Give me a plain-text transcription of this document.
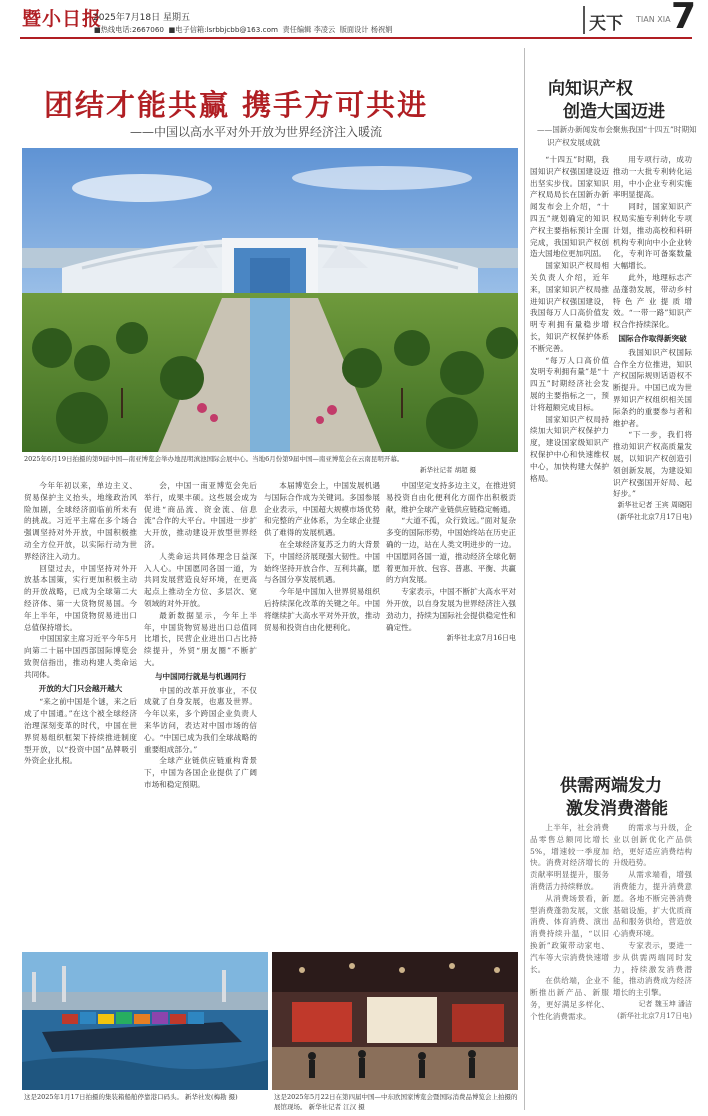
暨小日报
2025年7月18日 星期五
■热线电话:2667060 ■电子信箱:lsrbbjcbb@163.com 责任编辑 李凌云 版面设计 杨祝娟	天下 TIAN XIA 7
团结才能共赢 携手方可共进
——中国以高水平对外开放为世界经济注入暖流
2025年6月19日拍摄的第9届中国—南亚博览会举办地昆明滇池国际会展中心。当地6月份第9届中国—南亚博览会在云南昆明开幕。
新华社记者 胡超 摄

今年年初以来，单边主义、贸易保护主义抬头，地缘政治风险加剧，全球经济面临前所未有的挑战。习近平主席在多个场合强调坚持对外开放，中国积极推动全方位开放，以实际行动为世界经济注入动力。

回望过去，中国坚持对外开放基本国策，实行更加积极主动的开放战略，已成为全球第二大经济体、第一大货物贸易国。今年上半年，中国货物贸易进出口总值保持增长。

中国国家主席习近平今年5月向第二十届中国西部国际博览会致贺信指出，推动构建人类命运共同体。

开放的大门只会越开越大

“来之前中国是个谜，来之后成了中国通。”在这个被全球经济治理深刻变革的时代，中国在世界贸易组织框架下持续推进制度型开放，以“投资中国”品牌吸引外资企业扎根。

会，中国一南亚博览会先后举行，成果丰硕。这些展会成为促进“商品流、资金流、信息流”合作的大平台。中国进一步扩大开放，推动建设开放型世界经济。

人类命运共同体理念日益深入人心。中国愿同各国一道，为共同发展营造良好环境，在更高起点上推动全方位、多层次、宽领域的对外开放。

最新数据显示，今年上半年，中国货物贸易进出口总值同比增长，民营企业进出口占比持续提升，外贸“朋友圈”不断扩大。

与中国同行就是与机遇同行

中国的改革开放事业，不仅成就了自身发展，也惠及世界。今年以来，多个跨国企业负责人来华访问，表达对中国市场的信心。“中国已成为我们全球战略的重要组成部分。”

全球产业链供应链重构背景下，中国为各国企业提供了广阔市场和稳定预期。

本届博览会上，中国发展机遇与国际合作成为关键词。多国参展企业表示，中国超大规模市场优势和完整的产业体系，为全球企业提供了难得的发展机遇。

在全球经济复苏乏力的大背景下，中国经济展现强大韧性。中国始终坚持开放合作、互利共赢，愿与各国分享发展机遇。

今年是中国加入世界贸易组织后持续深化改革的关键之年。中国将继续扩大高水平对外开放，推动贸易和投资自由化便利化。

中国坚定支持多边主义，在推进贸易投资自由化便利化方面作出积极贡献，维护全球产业链供应链稳定畅通。

“大道不孤，众行致远。”面对复杂多变的国际形势，中国始终站在历史正确的一边，站在人类文明进步的一边。中国愿同各国一道，推动经济全球化朝着更加开放、包容、普惠、平衡、共赢的方向发展。

专家表示，中国不断扩大高水平对外开放，以自身发展为世界经济注入强劲动力，持续为国际社会提供稳定性和确定性。

新华社北京7月16日电

这是2025年1月17日拍摄的集装箱船舶停靠港口码头。 新华社发(梅勘 摄)	这是2025年5月22日在第四届中国—中东欧国家博览会暨国际消费品博览会上拍摄的展馆现场。 新华社记者 江汉 摄
向知识产权
创造大国迈进
——国新办新闻发布会聚焦我国“十四五”时期知
识产权发展成就

“十四五”时期，我国知识产权强国建设迈出坚实步伐。国家知识产权局局长在国新办新闻发布会上介绍，“十四五”规划确定的知识产权主要指标预计全面完成，我国知识产权创造大国地位更加巩固。

国家知识产权局相关负责人介绍，近年来，国家知识产权局推进知识产权强国建设，我国每万人口高价值发明专利拥有量稳步增长，知识产权保护体系不断完善。

“每万人口高价值发明专利拥有量”是“十四五”时期经济社会发展的主要指标之一，预计将超额完成目标。

国家知识产权局持续加大知识产权保护力度，建设国家级知识产权保护中心和快速维权中心，加快构建大保护格局。

用专项行动，成功推动一大批专利转化运用，中小企业专利实施率明显提高。

同时，国家知识产权局实施专利转化专项计划，推动高校和科研机构专利向中小企业转化，专利许可备案数量大幅增长。

此外，地理标志产品蓬勃发展，带动乡村特色产业提质增效。“一带一路”知识产权合作持续深化。

国际合作取得新突破

我国知识产权国际合作全方位推进，知识产权国际规则话语权不断提升。中国已成为世界知识产权组织相关国际条约的重要参与者和维护者。

“下一步，我们将推动知识产权高质量发展，以知识产权创造引领创新发展，为建设知识产权强国开好局、起好步。”

新华社记者 王宾 周晓阳

(新华社北京7月17日电)

供需两端发力
激发消费潜能

上半年，社会消费品零售总额同比增长5%，增速较一季度加快。消费对经济增长的贡献率明显提升，服务消费活力持续释放。

从消费场景看，新型消费蓬勃发展，文旅消费、体育消费、演出消费持续升温，“以旧换新”政策带动家电、汽车等大宗消费快速增长。

在供给端，企业不断推出新产品、新服务，更好满足多样化、个性化消费需求。

的需求与升级，企业以创新优化产品供给，更好适应消费结构升级趋势。

从需求端看，增强消费能力，提升消费意愿。各地不断完善消费基础设施，扩大优质商品和服务供给，营造放心消费环境。

专家表示，要进一步从供需两端同时发力，持续激发消费潜能，推动消费成为经济增长的主引擎。

记者 魏玉坤 潘洁

(新华社北京7月17日电)
